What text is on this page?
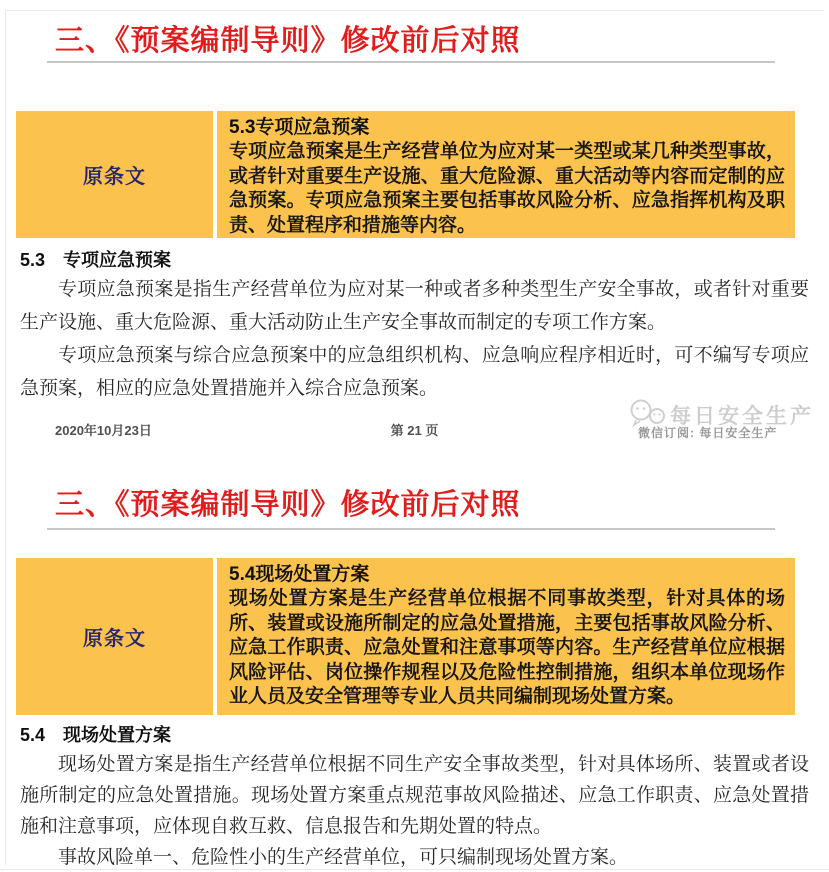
三、《预案编制导则》修改前后对照
原条文
5.3专项应急预案
专项应急预案是生产经营单位为应对某一类型或某几种类型事故，或者针对重要生产设施、重大危险源、重大活动等内容而定制的应急预案。专项应急预案主要包括事故风险分析、应急指挥机构及职责、处置程序和措施等内容。
5.3　专项应急预案

专项应急预案是指生产经营单位为应对某一种或者多种类型生产安全事故，或者针对重要生产设施、重大危险源、重大活动防止生产安全事故而制定的专项工作方案。

专项应急预案与综合应急预案中的应急组织机构、应急响应程序相近时，可不编写专项应急预案，相应的应急处置措施并入综合应急预案。

2020年10月23日	第 21 页
每日安全生产
微信订阅: 每日安全生产
三、《预案编制导则》修改前后对照
原条文
5.4现场处置方案
现场处置方案是生产经营单位根据不同事故类型，针对具体的场所、装置或设施所制定的应急处置措施，主要包括事故风险分析、应急工作职责、应急处置和注意事项等内容。生产经营单位应根据风险评估、岗位操作规程以及危险性控制措施，组织本单位现场作业人员及安全管理等专业人员共同编制现场处置方案。
5.4　现场处置方案

现场处置方案是指生产经营单位根据不同生产安全事故类型，针对具体场所、装置或者设施所制定的应急处置措施。现场处置方案重点规范事故风险描述、应急工作职责、应急处置措施和注意事项，应体现自救互救、信息报告和先期处置的特点。

事故风险单一、危险性小的生产经营单位，可只编制现场处置方案。
